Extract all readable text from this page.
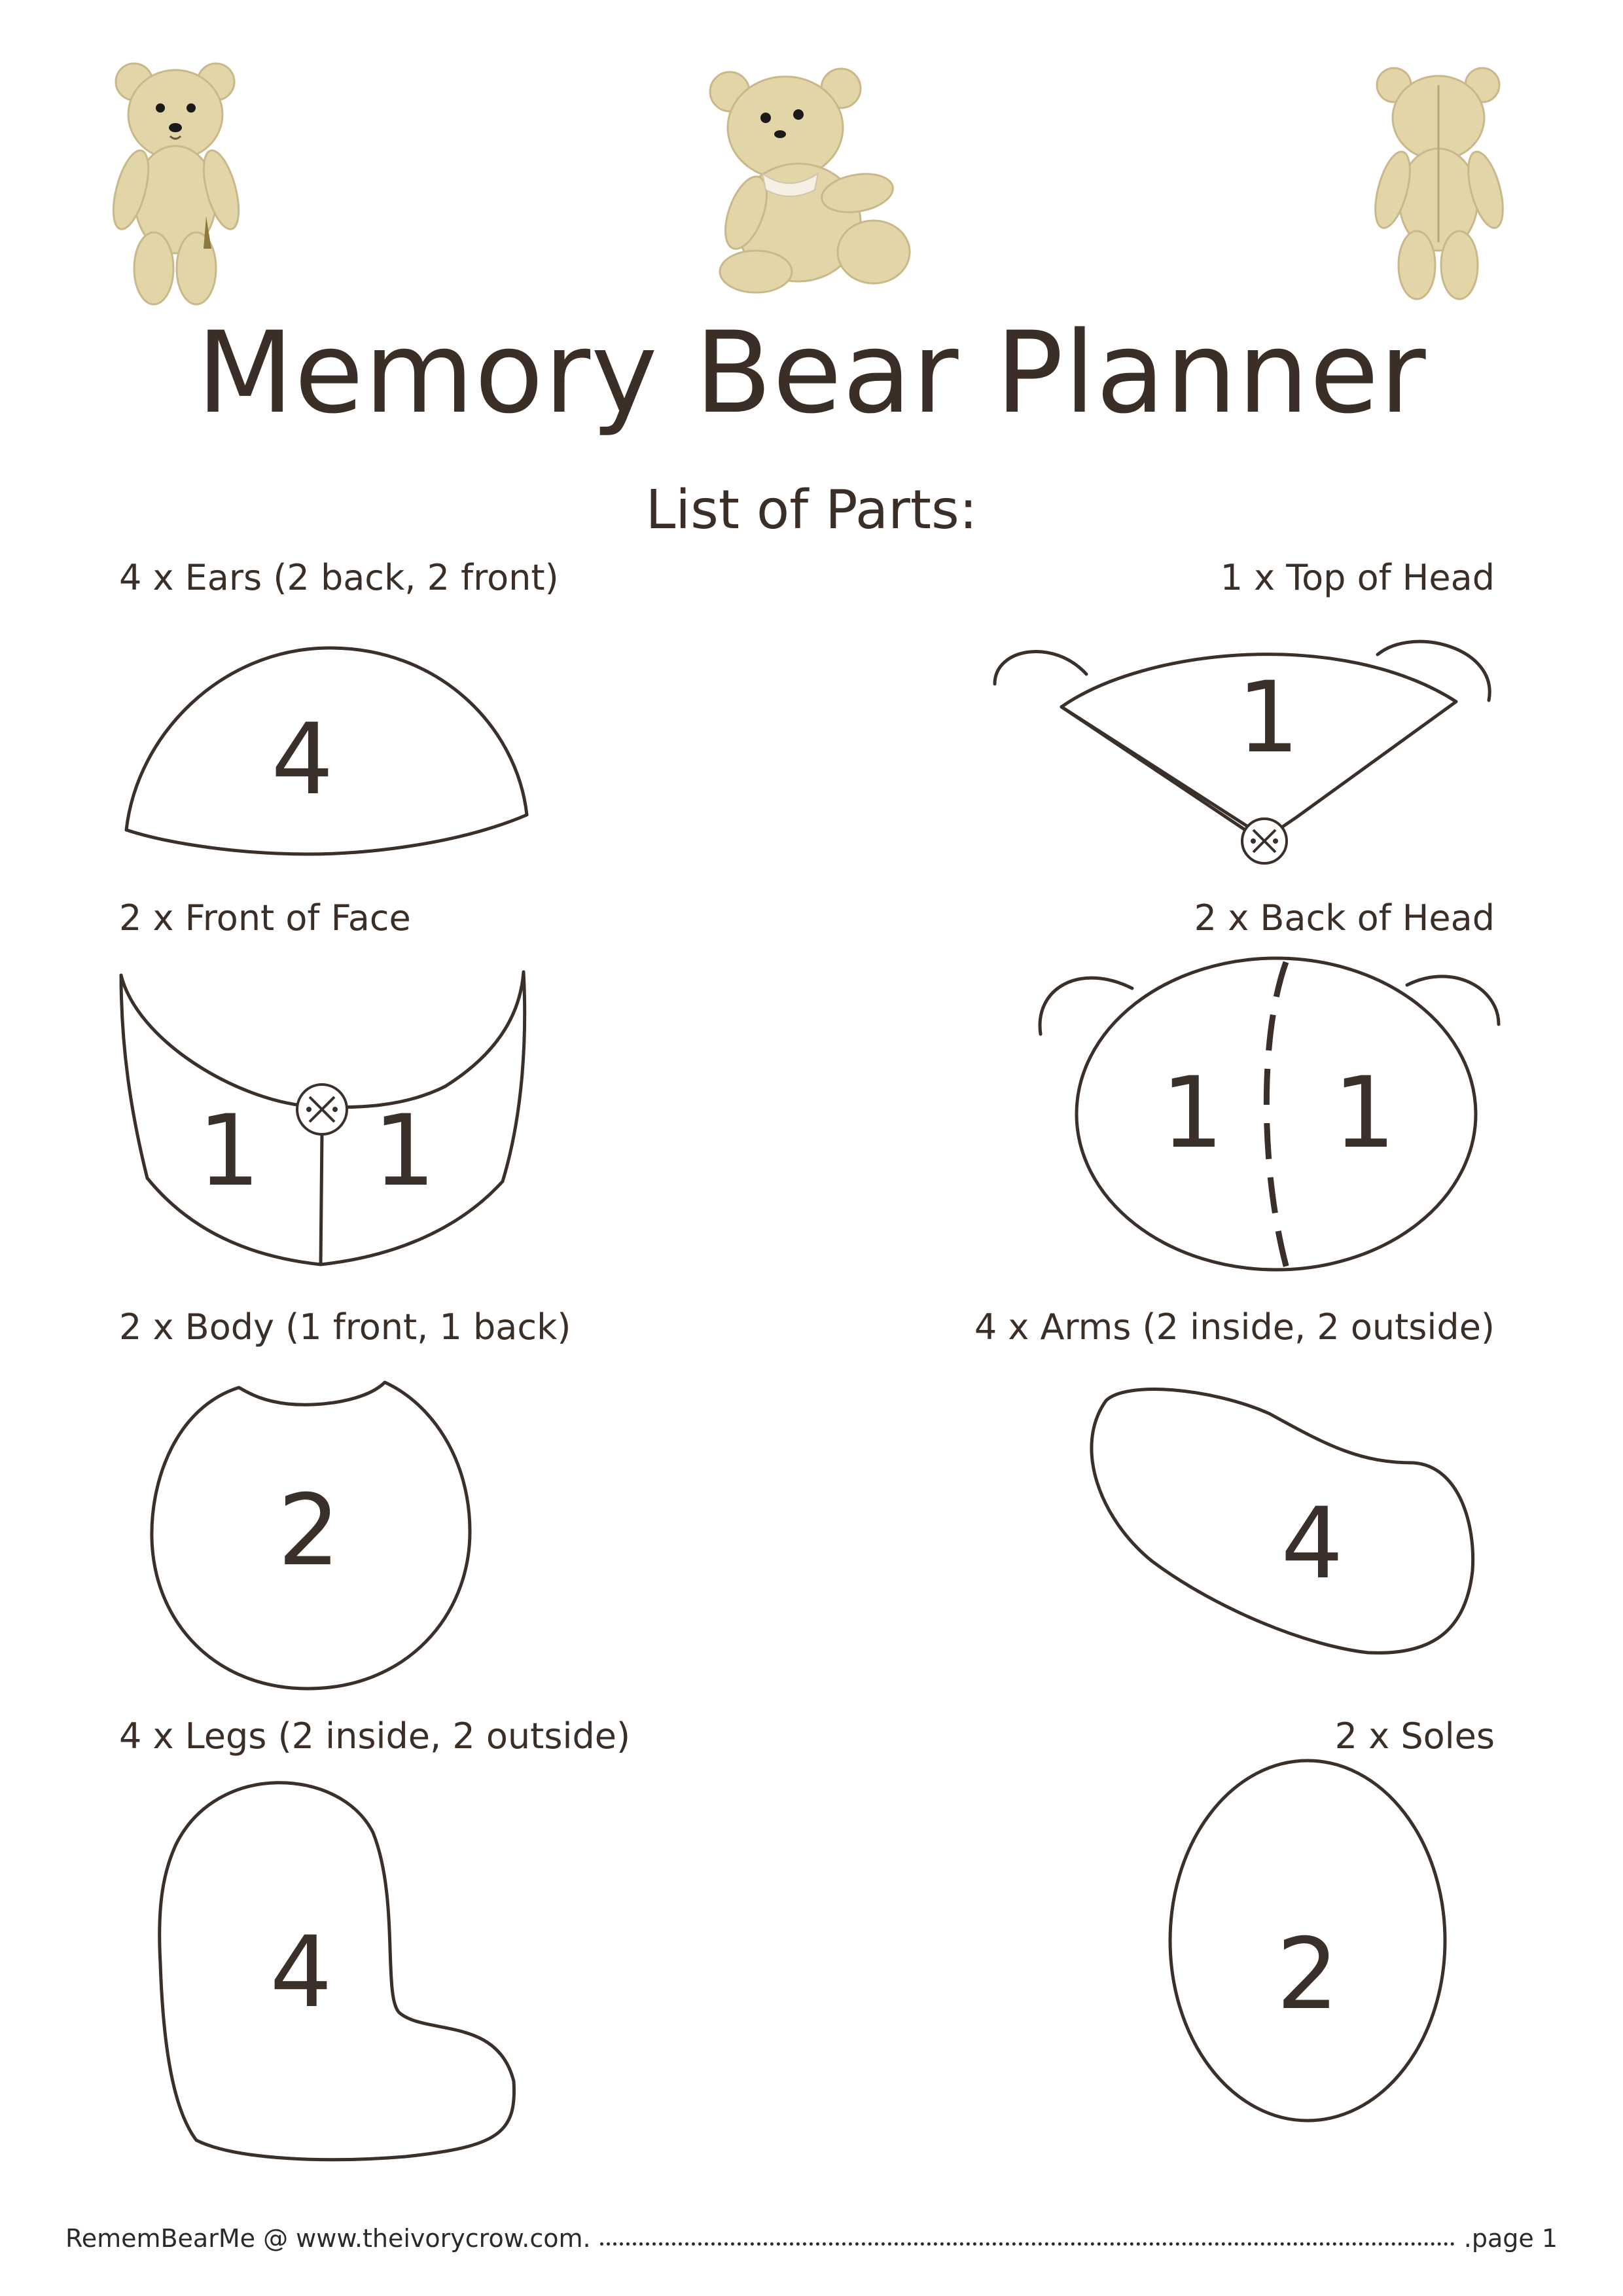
Memory Bear Planner
List of Parts:
4 x Ears (2 back, 2 front)	1 x Top of Head
2 x Front of Face	2 x Back of Head
2 x Body (1 front, 1 back)	4 x Arms (2 inside, 2 outside)
4 x Legs (2 inside, 2 outside)	2 x Soles
4	1
1 1	1 1
2	4
4	2
RememBearMe @ www.theivorycrow.com.	.page 1
